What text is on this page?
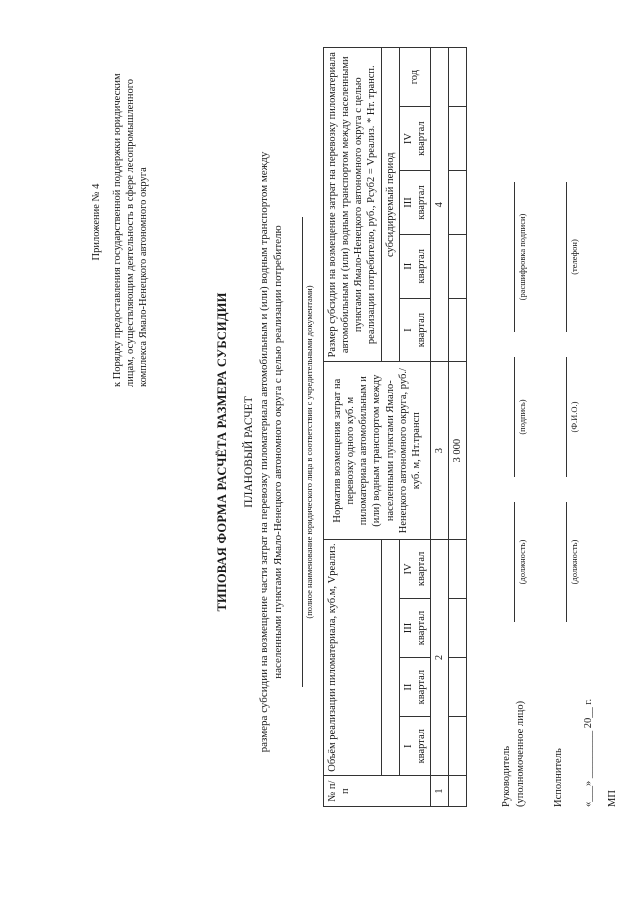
Приложение № 4 к Порядку предоставления государственной поддержки юридическим лицам, осуществляющим деятельность в сфере лесопромышленного комплекса Ямало-Ненецкого автономного округа
ТИПОВАЯ ФОРМА РАСЧЁТА РАЗМЕРА СУБСИДИИ ПЛАНОВЫЙ РАСЧЕТ размера субсидии на возмещение части затрат на перевозку пиломатериала автомобильным и (или) водным транспортом между населенными пунктами Ямало-Ненецкого автономного округа с целью реализации потребителю (полное наименование юридического лица в соответствии с учредительными документами)
№ п/п	Объём реализации пиломатериала, куб.м, Vреализ.				Норматив возмещения затрат на перевозку одного куб. м пиломатериала автомобильным и (или) водным транспортом между населенными пунктами Ямало-Ненецкого автономного округа, руб./куб. м, Нт.трансп	Размер субсидии на возмещение затрат на перевозку пиломатериала автомобильным и (или) водным транспортом между населенными пунктами Ямало-Ненецкого автономного округа с целью реализации потребителю, руб., Рсуб2 = Vреализ. * Нт. трансп.				
						субсидируемый период				
	I квартал	II квартал	III квартал	IV квартал		I квартал	II квартал	III квартал	IV квартал	год
1	2				3	4				
					3 000					
Руководитель (уполномоченное лицо)
(должность)
(подпись)
(расшифровка подписи)
Исполнитель
(должность)
(Ф.И.О.)
(телефон)
«___» _________ 20__ г. МП
